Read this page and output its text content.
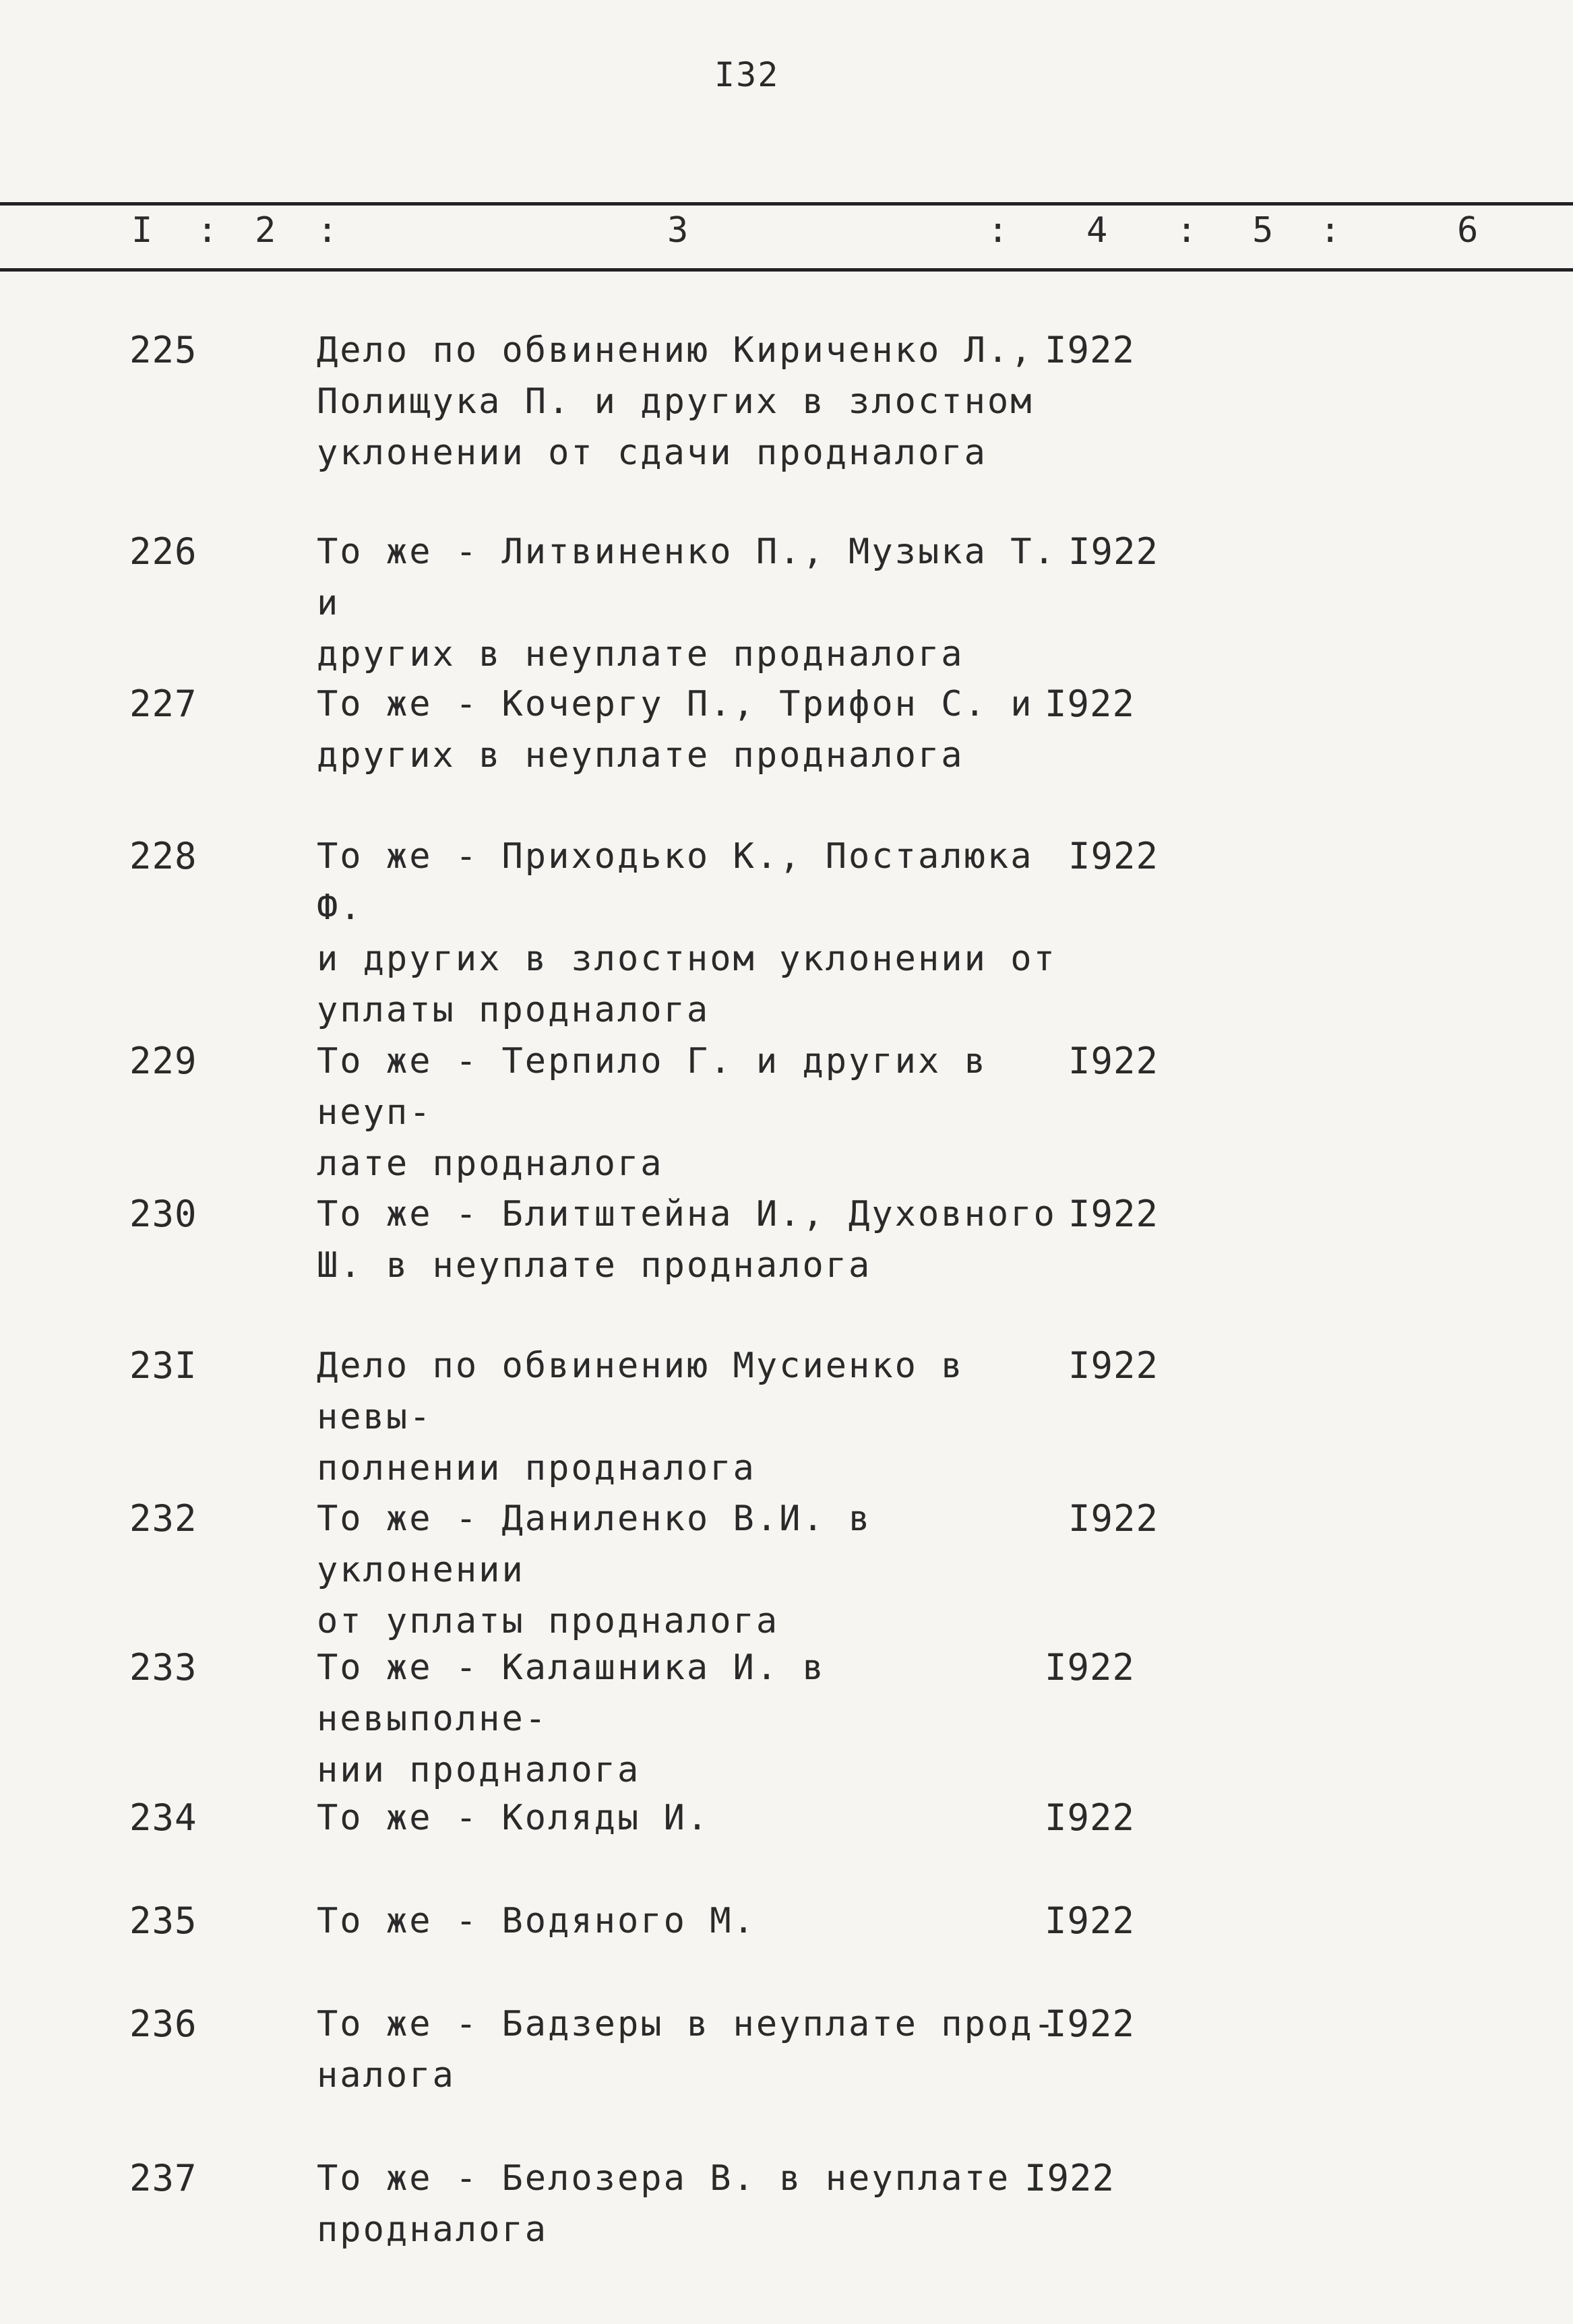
I32
I : 2 :	3	: 4 : 5 :	6
225	Дело по обвинению Кириченко Л.,
Полищука П. и других в злостном
уклонении от сдачи продналога
I922
226	То же - Литвиненко П., Музыка Т. и
других в неуплате продналога
I922
227	То же - Кочергу П., Трифон С. и
других в неуплате продналога
I922
228	То же - Приходько К., Посталюка Ф.
и других в злостном уклонении от
уплаты продналога
I922
229	То же - Терпило Г. и других в неуп-
лате продналога
I922
230	То же - Блитштейна И., Духовного
Ш. в неуплате продналога
I922
23I	Дело по обвинению Мусиенко в невы-
полнении продналога
I922
232	То же - Даниленко В.И. в уклонении
от уплаты продналога
I922
233	То же - Калашника И. в невыполне-
нии продналога
I922
234	То же - Коляды И.	I922
235	То же - Водяного М.	I922
236	То же - Бадзеры в неуплате прод-
налога
I922
237	То же - Белозера В. в неуплате
продналога
I922
